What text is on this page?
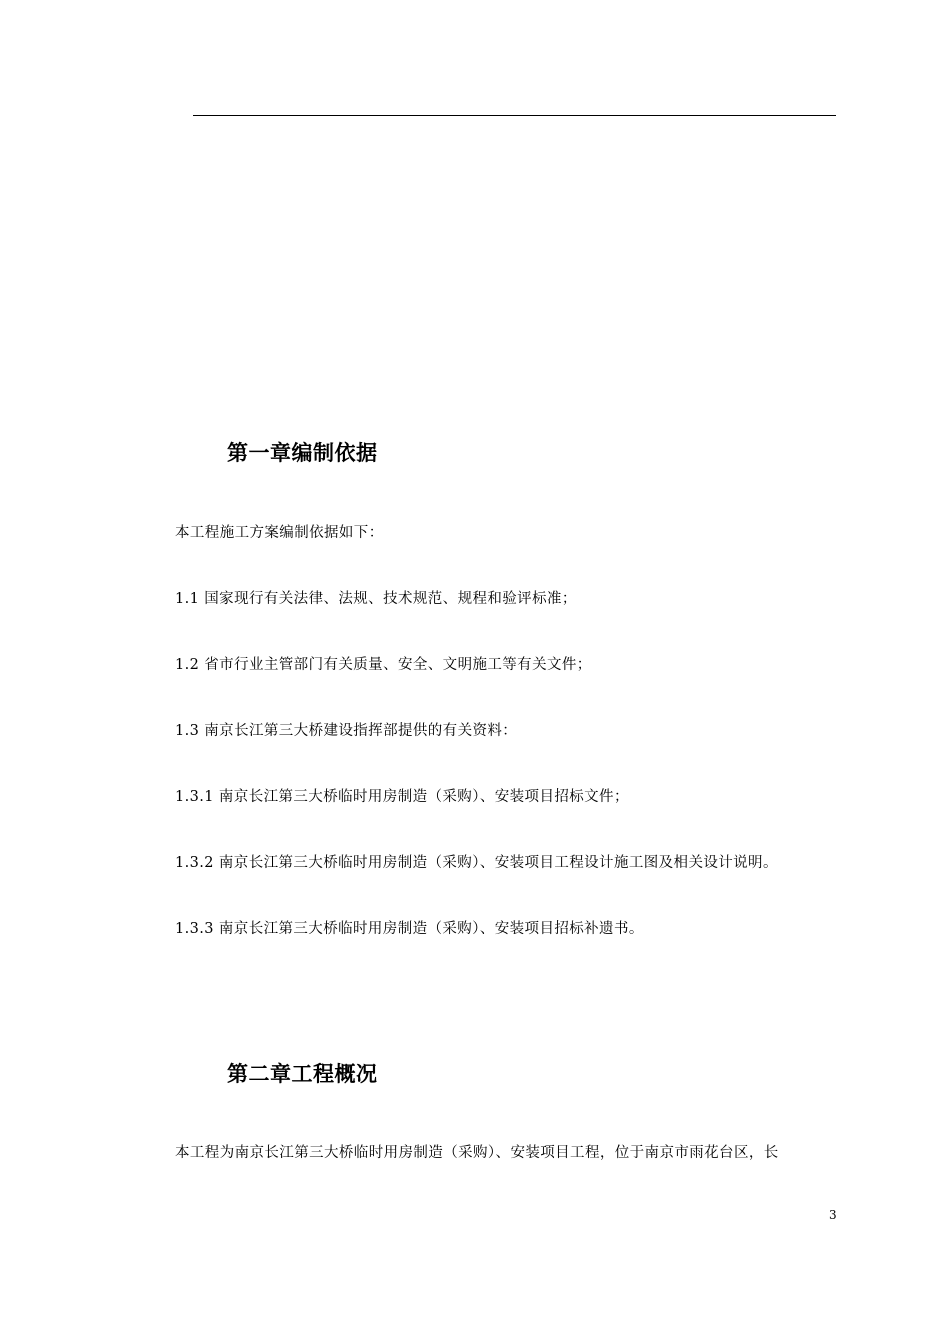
第一章编制依据

本工程施工方案编制依据如下：

1.1 国家现行有关法律、法规、技术规范、规程和验评标准；

1.2 省市行业主管部门有关质量、安全、文明施工等有关文件；

1.3 南京长江第三大桥建设指挥部提供的有关资料：

1.3.1 南京长江第三大桥临时用房制造（采购）、安装项目招标文件；

1.3.2 南京长江第三大桥临时用房制造（采购）、安装项目工程设计施工图及相关设计说明。

1.3.3 南京长江第三大桥临时用房制造（采购）、安装项目招标补遗书。

第二章工程概况

本工程为南京长江第三大桥临时用房制造（采购）、安装项目工程，位于南京市雨花台区，长

3
